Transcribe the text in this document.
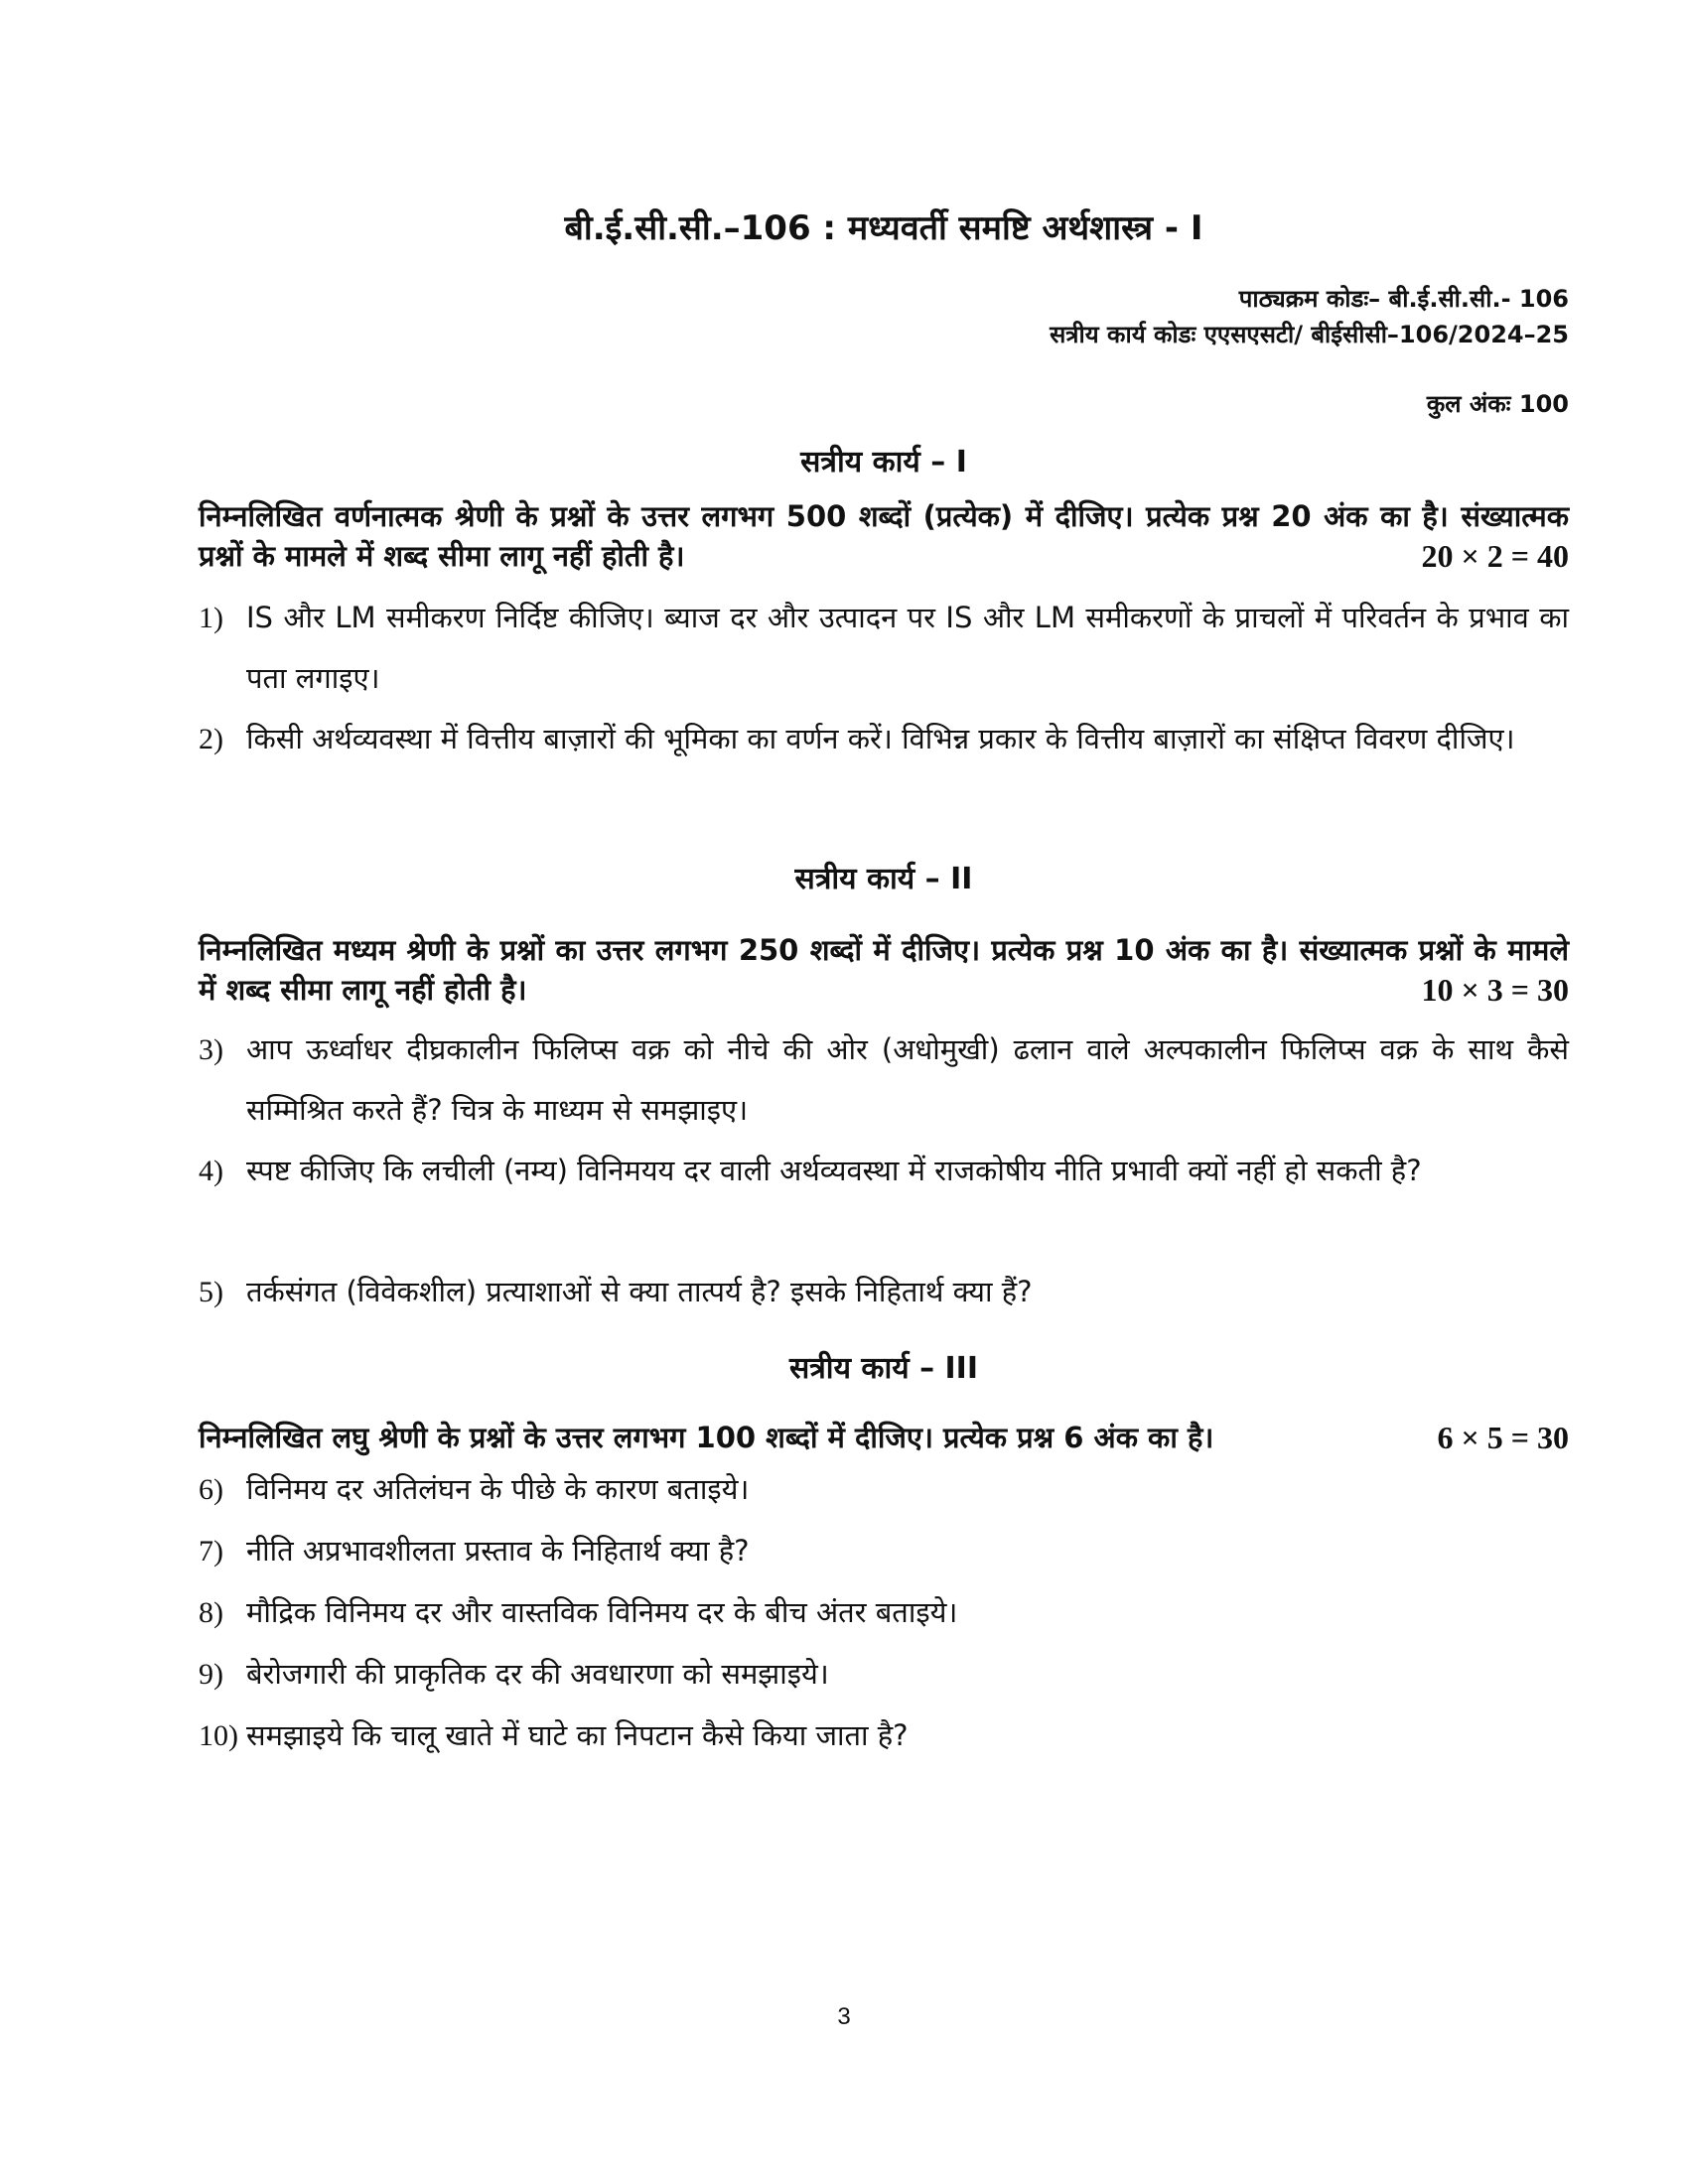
बी.ई.सी.सी.–106 : मध्यवर्ती समष्टि अर्थशास्त्र - I
पाठ्यक्रम कोडः– बी.ई.सी.सी.- 106
सत्रीय कार्य कोडः एएसएसटी/ बीईसीसी–106/2024–25
कुल अंकः 100
सत्रीय कार्य – I
निम्नलिखित वर्णनात्मक श्रेणी के प्रश्नों के उत्तर लगभग 500 शब्दों (प्रत्येक) में दीजिए। प्रत्येक प्रश्न 20 अंक का है। संख्यात्मक प्रश्नों के मामले में शब्द सीमा लागू नहीं होती है।	20 × 2 = 40
1) IS और LM समीकरण निर्दिष्ट कीजिए। ब्याज दर और उत्पादन पर IS और LM समीकरणों के प्राचलों में परिवर्तन के प्रभाव का पता लगाइए।
2) किसी अर्थव्यवस्था में वित्तीय बाज़ारों की भूमिका का वर्णन करें। विभिन्न प्रकार के वित्तीय बाज़ारों का संक्षिप्त विवरण दीजिए।
सत्रीय कार्य – II
निम्नलिखित मध्यम श्रेणी के प्रश्नों का उत्तर लगभग 250 शब्दों में दीजिए। प्रत्येक प्रश्न 10 अंक का है। संख्यात्मक प्रश्नों के मामले में शब्द सीमा लागू नहीं होती है।	10 × 3 = 30
3) आप ऊर्ध्वाधर दीघ्रकालीन फिलिप्स वक्र को नीचे की ओर (अधोमुखी) ढलान वाले अल्पकालीन फिलिप्स वक्र के साथ कैसे सम्मिश्रित करते हैं? चित्र के माध्यम से समझाइए।
4) स्पष्ट कीजिए कि लचीली (नम्य) विनिमयय दर वाली अर्थव्यवस्था में राजकोषीय नीति प्रभावी क्यों नहीं हो सकती है?
5) तर्कसंगत (विवेकशील) प्रत्याशाओं से क्या तात्पर्य है? इसके निहितार्थ क्या हैं?
सत्रीय कार्य – III
निम्नलिखित लघु श्रेणी के प्रश्नों के उत्तर लगभग 100 शब्दों में दीजिए। प्रत्येक प्रश्न 6 अंक का है।	6 × 5 = 30
6) विनिमय दर अतिलंघन के पीछे के कारण बताइये।
7) नीति अप्रभावशीलता प्रस्ताव के निहितार्थ क्या है?
8) मौद्रिक विनिमय दर और वास्तविक विनिमय दर के बीच अंतर बताइये।
9) बेरोजगारी की प्राकृतिक दर की अवधारणा को समझाइये।
10) समझाइये कि चालू खाते में घाटे का निपटान कैसे किया जाता है?
3
